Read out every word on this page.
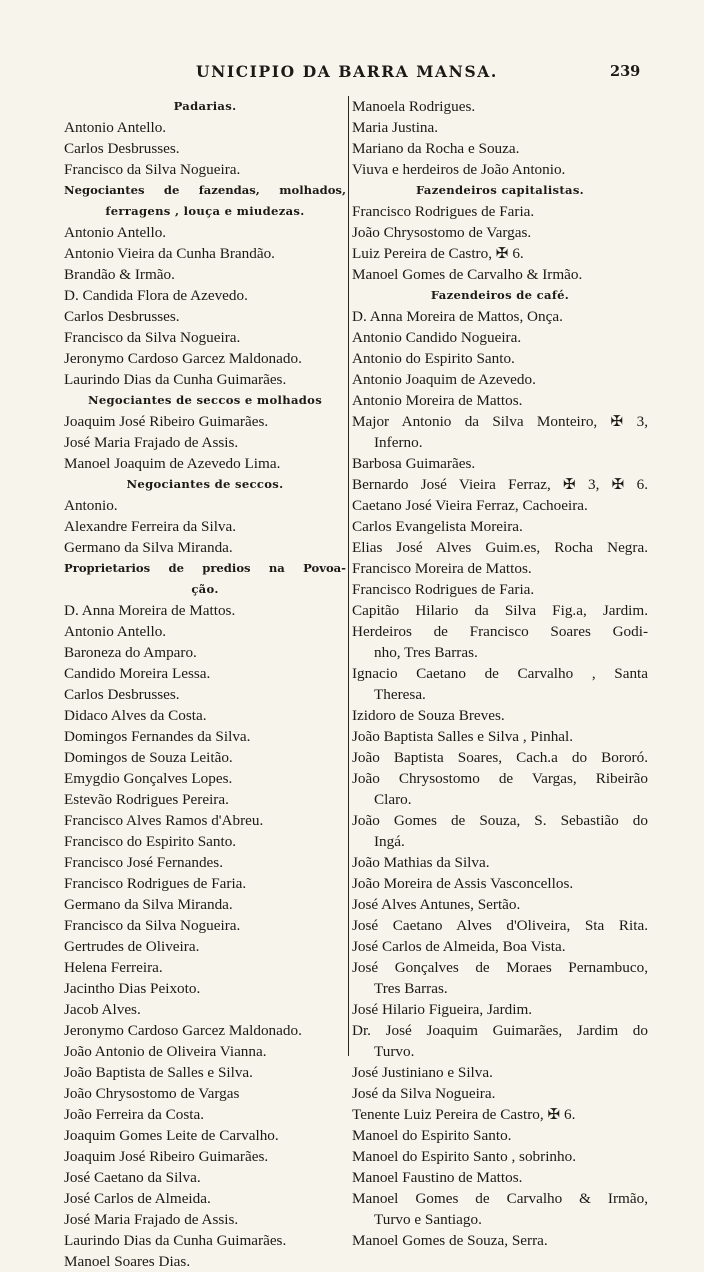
UNICIPIO DA BARRA MANSA.	239
Padarias.
Antonio Antello.
Carlos Desbrusses.
Francisco da Silva Nogueira.
Negociantes de fazendas, molhados,
ferragens , louça e miudezas.
Antonio Antello.
Antonio Vieira da Cunha Brandão.
Brandão & Irmão.
D. Candida Flora de Azevedo.
Carlos Desbrusses.
Francisco da Silva Nogueira.
Jeronymo Cardoso Garcez Maldonado.
Laurindo Dias da Cunha Guimarães.
Negociantes de seccos e molhados
Joaquim José Ribeiro Guimarães.
José Maria Frajado de Assis.
Manoel Joaquim de Azevedo Lima.
Negociantes de seccos.
Antonio.
Alexandre Ferreira da Silva.
Germano da Silva Miranda.
Proprietarios de predios na Povoa-
ção.
D. Anna Moreira de Mattos.
Antonio Antello.
Baroneza do Amparo.
Candido Moreira Lessa.
Carlos Desbrusses.
Didaco Alves da Costa.
Domingos Fernandes da Silva.
Domingos de Souza Leitão.
Emygdio Gonçalves Lopes.
Estevão Rodrigues Pereira.
Francisco Alves Ramos d'Abreu.
Francisco do Espirito Santo.
Francisco José Fernandes.
Francisco Rodrigues de Faria.
Germano da Silva Miranda.
Francisco da Silva Nogueira.
Gertrudes de Oliveira.
Helena Ferreira.
Jacintho Dias Peixoto.
Jacob Alves.
Jeronymo Cardoso Garcez Maldonado.
João Antonio de Oliveira Vianna.
João Baptista de Salles e Silva.
João Chrysostomo de Vargas
João Ferreira da Costa.
Joaquim Gomes Leite de Carvalho.
Joaquim José Ribeiro Guimarães.
José Caetano da Silva.
José Carlos de Almeida.
José Maria Frajado de Assis.
Laurindo Dias da Cunha Guimarães.
Manoel Soares Dias.
Manoela Rodrigues.
Maria Justina.
Mariano da Rocha e Souza.
Viuva e herdeiros de João Antonio.
Fazendeiros capitalistas.
Francisco Rodrigues de Faria.
João Chrysostomo de Vargas.
Luiz Pereira de Castro, ✠ 6.
Manoel Gomes de Carvalho & Irmão.
Fazendeiros de café.
D. Anna Moreira de Mattos, Onça.
Antonio Candido Nogueira.
Antonio do Espirito Santo.
Antonio Joaquim de Azevedo.
Antonio Moreira de Mattos.
Major Antonio da Silva Monteiro, ✠ 3,
Inferno.
Barbosa Guimarães.
Bernardo José Vieira Ferraz, ✠ 3, ✠ 6.
Caetano José Vieira Ferraz, Cachoeira.
Carlos Evangelista Moreira.
Elias José Alves Guim.es, Rocha Negra.
Francisco Moreira de Mattos.
Francisco Rodrigues de Faria.
Capitão Hilario da Silva Fig.a, Jardim.
Herdeiros de Francisco Soares Godi-
nho, Tres Barras.
Ignacio Caetano de Carvalho , Santa
Theresa.
Izidoro de Souza Breves.
João Baptista Salles e Silva , Pinhal.
João Baptista Soares, Cach.a do Bororó.
João Chrysostomo de Vargas, Ribeirão
Claro.
João Gomes de Souza, S. Sebastião do
Ingá.
João Mathias da Silva.
João Moreira de Assis Vasconcellos.
José Alves Antunes, Sertão.
José Caetano Alves d'Oliveira, Sta Rita.
José Carlos de Almeida, Boa Vista.
José Gonçalves de Moraes Pernambuco,
Tres Barras.
José Hilario Figueira, Jardim.
Dr. José Joaquim Guimarães, Jardim do
Turvo.
José Justiniano e Silva.
José da Silva Nogueira.
Tenente Luiz Pereira de Castro, ✠ 6.
Manoel do Espirito Santo.
Manoel do Espirito Santo , sobrinho.
Manoel Faustino de Mattos.
Manoel Gomes de Carvalho & Irmão,
Turvo e Santiago.
Manoel Gomes de Souza, Serra.
